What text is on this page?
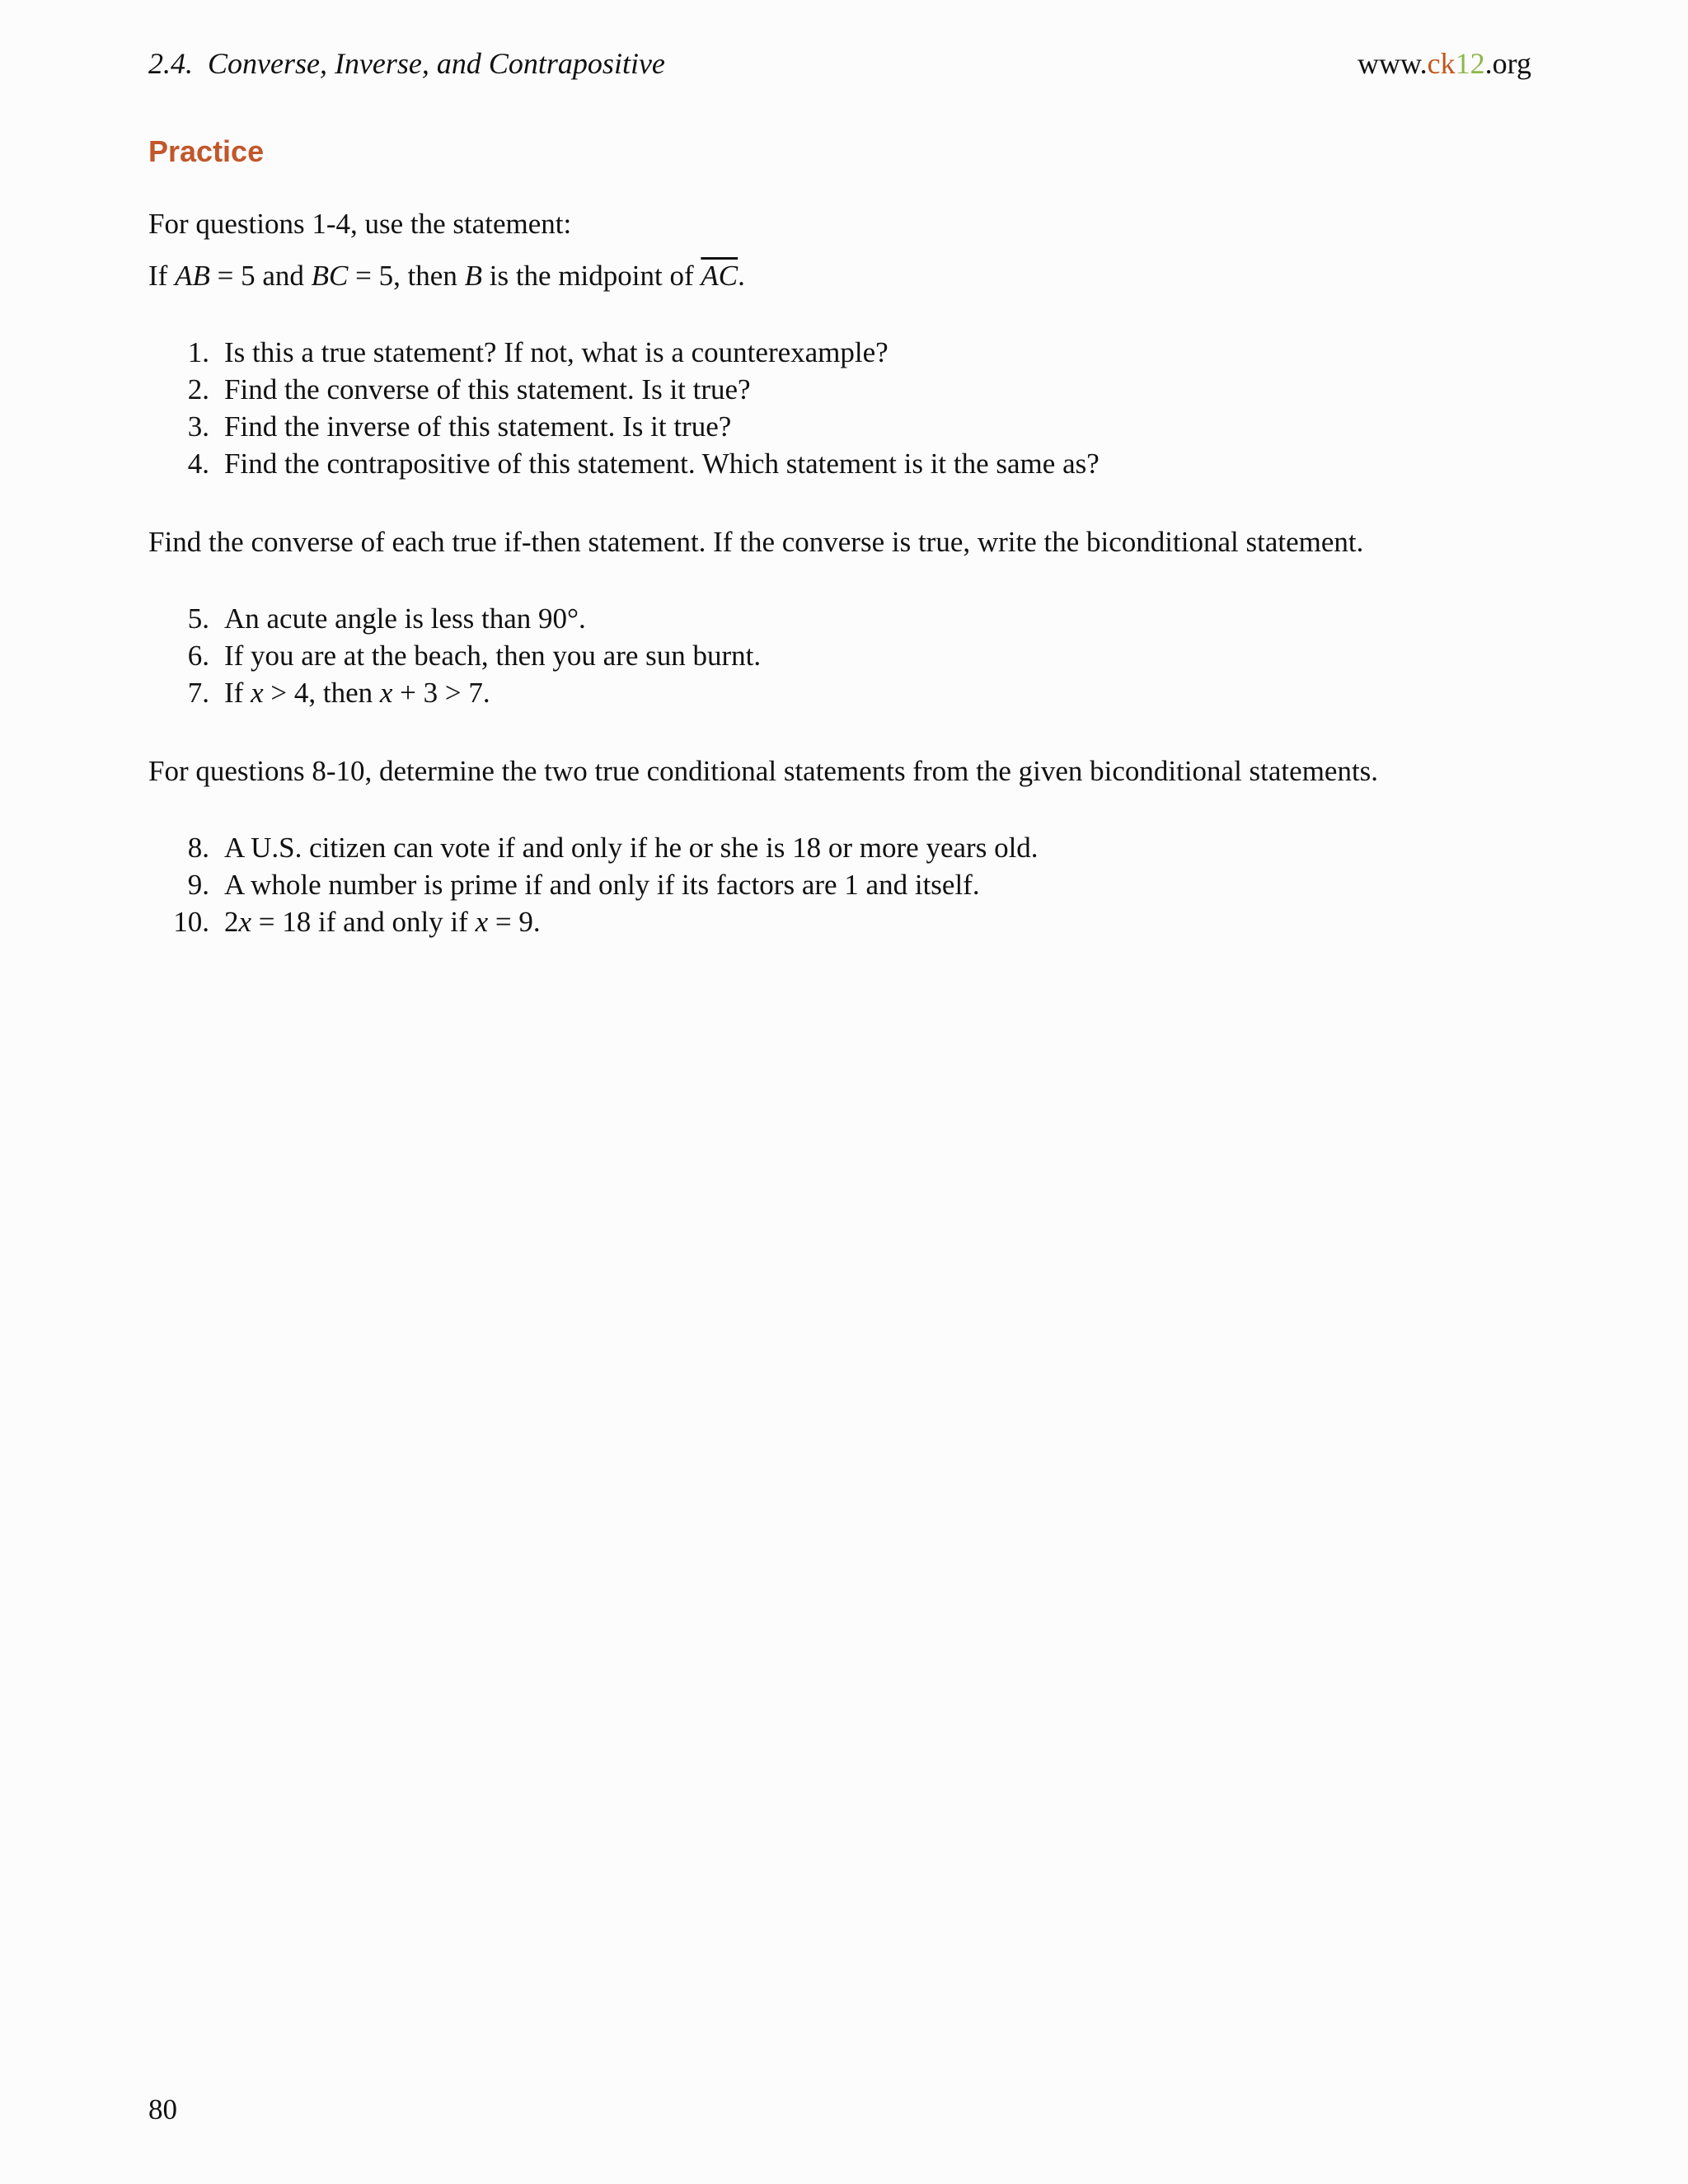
2.4. Converse, Inverse, and Contrapositive	www.ck12.org
Practice
For questions 1-4, use the statement:
If AB = 5 and BC = 5, then B is the midpoint of $\overline{AC}$.
1. Is this a true statement? If not, what is a counterexample?
2. Find the converse of this statement. Is it true?
3. Find the inverse of this statement. Is it true?
4. Find the contrapositive of this statement. Which statement is it the same as?
Find the converse of each true if-then statement. If the converse is true, write the biconditional statement.
5. An acute angle is less than 90°.
6. If you are at the beach, then you are sun burnt.
7. If x > 4, then x + 3 > 7.
For questions 8-10, determine the two true conditional statements from the given biconditional statements.
8. A U.S. citizen can vote if and only if he or she is 18 or more years old.
9. A whole number is prime if and only if its factors are 1 and itself.
10. 2x = 18 if and only if x = 9.
80
